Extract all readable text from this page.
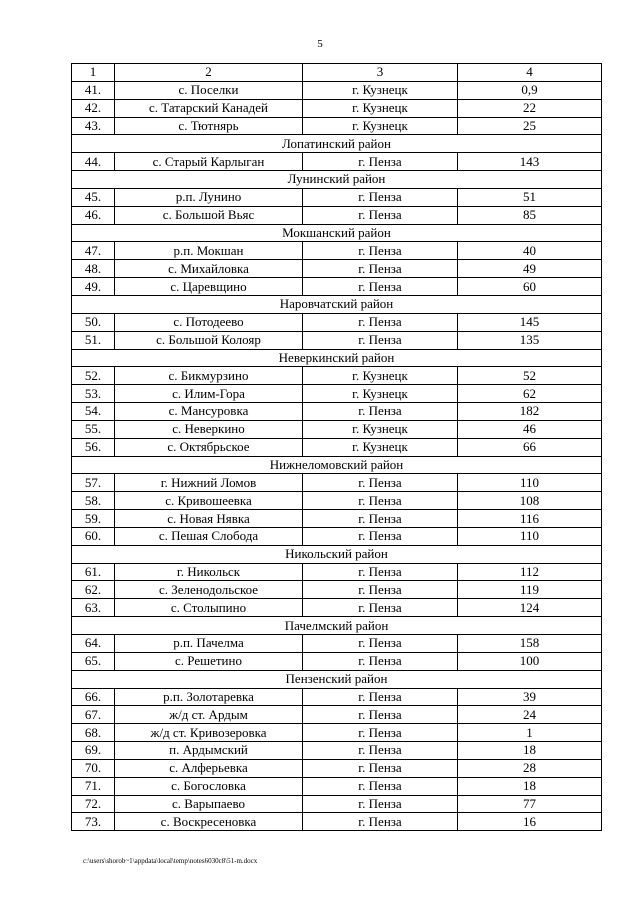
5
1	2	3	4
41.	с. Поселки	г. Кузнецк	0,9
42.	с. Татарский Канадей	г. Кузнецк	22
43.	с. Тютнярь	г. Кузнецк	25
Лопатинский район			
44.	с. Старый Карлыган	г. Пенза	143
Лунинский район			
45.	р.п. Лунино	г. Пенза	51
46.	с. Большой Вьяс	г. Пенза	85
Мокшанский район			
47.	р.п. Мокшан	г. Пенза	40
48.	с. Михайловка	г. Пенза	49
49.	с. Царевщино	г. Пенза	60
Наровчатский район			
50.	с. Потодеево	г. Пенза	145
51.	с. Большой Колояр	г. Пенза	135
Неверкинский район			
52.	с. Бикмурзино	г. Кузнецк	52
53.	с. Илим-Гора	г. Кузнецк	62
54.	с. Мансуровка	г. Пенза	182
55.	с. Неверкино	г. Кузнецк	46
56.	с. Октябрьское	г. Кузнецк	66
Нижнеломовский район			
57.	г. Нижний Ломов	г. Пенза	110
58.	с. Кривошеевка	г. Пенза	108
59.	с. Новая Нявка	г. Пенза	116
60.	с. Пешая Слобода	г. Пенза	110
Никольский район			
61.	г. Никольск	г. Пенза	112
62.	с. Зеленодольское	г. Пенза	119
63.	с. Столыпино	г. Пенза	124
Пачелмский район			
64.	р.п. Пачелма	г. Пенза	158
65.	с. Решетино	г. Пенза	100
Пензенский район			
66.	р.п. Золотаревка	г. Пенза	39
67.	ж/д ст. Ардым	г. Пенза	24
68.	ж/д ст. Кривозеровка	г. Пенза	1
69.	п. Ардымский	г. Пенза	18
70.	с. Алферьевка	г. Пенза	28
71.	с. Богословка	г. Пенза	18
72.	с. Варыпаево	г. Пенза	77
73.	с. Воскресеновка	г. Пенза	16
c:\users\shorob~1\appdata\local\temp\notes6030c8\51-m.docx
